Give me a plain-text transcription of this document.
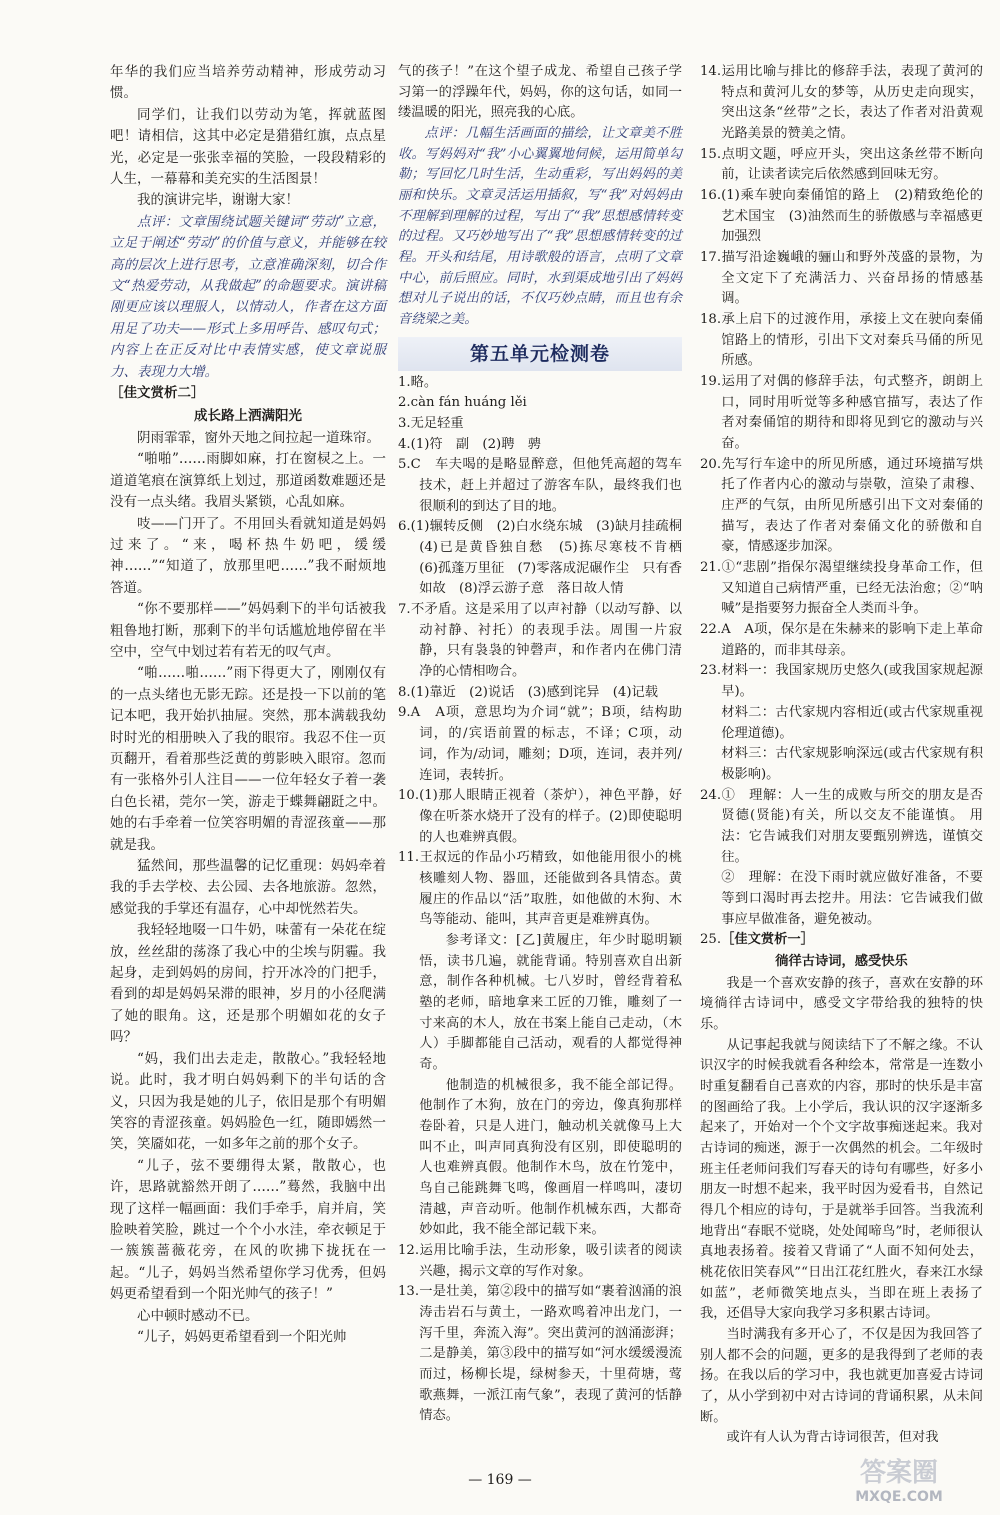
年华的我们应当培养劳动精神，形成劳动习惯。

同学们，让我们以劳动为笔，挥就蓝图吧！请相信，这其中必定是猎猎红旗，点点星光，必定是一张张幸福的笑脸，一段段精彩的人生，一幕幕和美充实的生活图景！

我的演讲完毕，谢谢大家！

点评：文章围绕试题关键词“劳动”立意，立足于阐述“劳动”的价值与意义，并能够在较高的层次上进行思考，立意准确深刻，切合作文“热爱劳动，从我做起”的命题要求。演讲稿刚更应该以理服人，以情动人，作者在这方面用足了功夫——形式上多用呼告、感叹句式；内容上在正反对比中表情实感，使文章说服力、表现力大增。

［佳文赏析二］

成长路上洒满阳光

阴雨霏霏，窗外天地之间拉起一道珠帘。

“啪啪”……雨脚如麻，打在窗棂之上。一道道笔痕在演算纸上划过，那道函数难题还是没有一点头绪。我眉头紧锁，心乱如麻。

吱——门开了。不用回头看就知道是妈妈过来了。“来，喝杯热牛奶吧，缓缓神……”“知道了，放那里吧……”我不耐烦地答道。

“你不要那样——”妈妈剩下的半句话被我粗鲁地打断，那剩下的半句话尴尬地停留在半空中，空气中划过若有若无的叹气声。

“啪……啪……”雨下得更大了，刚刚仅有的一点头绪也无影无踪。还是投一下以前的笔记本吧，我开始扒抽屉。突然，那本满载我幼时时光的相册映入了我的眼帘。我忍不住一页页翻开，看着那些泛黄的剪影映入眼帘。忽而有一张格外引人注目——一位年轻女子着一袭白色长裙，莞尔一笑，游走于蝶舞翩跹之中。她的右手牵着一位笑容明媚的青涩孩童——那就是我。

猛然间，那些温馨的记忆重现：妈妈牵着我的手去学校、去公园、去各地旅游。忽然，感觉我的手掌还有温存，心中却恍然若失。

我轻轻地啜一口牛奶，味蕾有一朵花在绽放，丝丝甜的荡涤了我心中的尘埃与阴霾。我起身，走到妈妈的房间，拧开冰冷的门把手，看到的却是妈妈呆滞的眼神，岁月的小径爬满了她的眼角。这，还是那个明媚如花的女子吗？

“妈，我们出去走走，散散心。”我轻轻地说。此时，我才明白妈妈剩下的半句话的含义，只因为我是她的儿子，依旧是那个有明媚笑容的青涩孩童。妈妈脸色一红，随即嫣然一笑，笑靥如花，一如多年之前的那个女子。

“儿子，弦不要绷得太紧，散散心，也许，思路就豁然开朗了……”蓦然，我脑中出现了这样一幅画面：我们手牵手，肩并肩，笑脸映着笑脸，跳过一个个小水洼，牵衣顿足于一簇簇蔷薇花旁，在风的吹拂下拢抚在一起。“儿子，妈妈当然希望你学习优秀，但妈妈更希望看到一个阳光帅气的孩子！”

心中顿时感动不已。

“儿子，妈妈更希望看到一个阳光帅

气的孩子！”在这个望子成龙、希望自己孩子学习第一的浮躁年代，妈妈，你的这句话，如同一缕温暖的阳光，照亮我的心底。

点评：几幅生活画面的描绘，让文章美不胜收。写妈妈对“我”小心翼翼地伺候，运用简单勾勒；写回忆几时生活，生动重彩，写出妈妈的美丽和快乐。文章灵活运用插叙，写“我”对妈妈由不理解到理解的过程，写出了“我”思想感情转变的过程。又巧妙地写出了“我”思想感情转变的过程。开头和结尾，用诗歌般的语言，点明了文章中心，前后照应。同时，水到渠成地引出了妈妈想对儿子说出的话，不仅巧妙点睛，而且也有余音绕梁之美。

第五单元检测卷

1.略。

2.càn fán huáng lěi

3.无足轻重

4.(1)符　副　(2)聘　骋

5.C　车夫喝的是略显醉意，但他凭高超的驾车技术，赶上并超过了游客车队，最终我们也很顺利的到达了目的地。

6.(1)辗转反侧　(2)白水绕东城　(3)缺月挂疏桐　(4)已是黄昏独自愁　(5)拣尽寒枝不肯栖　(6)孤蓬万里征　(7)零落成泥碾作尘　只有香如故　(8)浮云游子意　落日故人情

7.不矛盾。这是采用了以声衬静（以动写静、以动衬静、衬托）的表现手法。周围一片寂静，只有袅袅的钟磬声，和作者内在佛门清净的心情相吻合。

8.(1)靠近　(2)说话　(3)感到诧异　(4)记载

9.A　A项，意思均为介词“就”；B项，结构助词，的/宾语前置的标志，不译；C项，动词，作为/动词，雕刻；D项，连词，表并列/连词，表转折。

10.(1)那人眼睛正视着（茶炉），神色平静，好像在听茶水烧开了没有的样子。(2)即使聪明的人也难辨真假。

11.王叔远的作品小巧精致，如他能用很小的桃核雕刻人物、器皿，还能做到各具情态。黄履庄的作品以“活”取胜，如他做的木狗、木鸟等能动、能叫，其声音更是难辨真伪。

参考译文：[乙]黄履庄，年少时聪明颖悟，读书几遍，就能背诵。特别喜欢自出新意，制作各种机械。七八岁时，曾经背着私塾的老师，暗地拿来工匠的刀锥，雕刻了一寸来高的木人，放在书案上能自己走动，（木人）手脚都能自己活动，观看的人都觉得神奇。

他制造的机械很多，我不能全部记得。他制作了木狗，放在门的旁边，像真狗那样卷卧着，只是人进门，触动机关就像马上大叫不止，叫声同真狗没有区别，即使聪明的人也难辨真假。他制作木鸟，放在竹笼中，鸟自己能跳舞飞鸣，像画眉一样鸣叫，凄切清越，声音动听。他制作机械东西，大都奇妙如此，我不能全部记载下来。

12.运用比喻手法，生动形象，吸引读者的阅读兴趣，揭示文章的写作对象。

13.一是壮美，第②段中的描写如“裹着汹涌的浪涛击岩石与黄土，一路欢鸣着冲出龙门，一泻千里，奔流入海”。突出黄河的汹涌澎湃；二是静美，第③段中的描写如“河水缓缓漫流而过，杨柳长堤，绿树参天，十里荷塘，莺歌燕舞，一派江南气象”，表现了黄河的恬静情态。

14.运用比喻与排比的修辞手法，表现了黄河的特点和黄河儿女的梦等，从历史走向现实，突出这条“丝带”之长，表达了作者对沿黄观光路美景的赞美之情。

15.点明文题，呼应开头，突出这条丝带不断向前，让读者读完后依然感到回味无穷。

16.(1)乘车驶向秦俑馆的路上　(2)精致绝伦的艺术国宝　(3)油然而生的骄傲感与幸福感更加强烈

17.描写沿途巍峨的骊山和野外茂盛的景物，为全文定下了充满活力、兴奋昂扬的情感基调。

18.承上启下的过渡作用，承接上文在驶向秦俑馆路上的情形，引出下文对秦兵马俑的所见所感。

19.运用了对偶的修辞手法，句式整齐，朗朗上口，同时用听觉等多种感官描写，表达了作者对秦俑馆的期待和即将见到它的激动与兴奋。

20.先写行车途中的所见所感，通过环境描写烘托了作者内心的激动与崇敬，渲染了肃穆、庄严的气氛，由所见所感引出下文对秦俑的描写，表达了作者对秦俑文化的骄傲和自豪，情感逐步加深。

21.①“悲剧”指保尔渴望继续投身革命工作，但又知道自己病情严重，已经无法治愈；②“呐喊”是指要努力振奋全人类而斗争。

22.A　A项，保尔是在朱赫来的影响下走上革命道路的，而非其母亲。

23.材料一：我国家规历史悠久(或我国家规起源早)。

材料二：古代家规内容相近(或古代家规重视伦理道德)。

材料三：古代家规影响深远(或古代家规有积极影响)。

24.①　理解：人一生的成败与所交的朋友是否贤德(贤能)有关，所以交友不能谨慎。 用法：它告诫我们对朋友要甄别辨选，谨慎交往。

②　理解：在没下雨时就应做好准备，不要等到口渴时再去挖井。用法：它告诫我们做事应早做准备，避免被动。

25.［佳文赏析一］

徜徉古诗词，感受快乐

我是一个喜欢安静的孩子，喜欢在安静的环境徜徉古诗词中，感受文字带给我的独特的快乐。

从记事起我就与阅读结下了不解之缘。不认识汉字的时候我就看各种绘本，常常是一连数小时重复翻看自己喜欢的内容，那时的快乐是丰富的图画给了我。上小学后，我认识的汉字逐渐多起来了，开始对一个个文字故事痴迷起来。我对古诗词的痴迷，源于一次偶然的机会。二年级时班主任老师问我们写春天的诗句有哪些，好多小朋友一时想不起来，我平时因为爱看书，自然记得几个相应的诗句，于是就举手回答。当我流利地背出“春眠不觉晓，处处闻啼鸟”时，老师很认真地表扬着。接着又背诵了“人面不知何处去，桃花依旧笑春风”“日出江花红胜火，春来江水绿如蓝”，老师微笑地点头，当即在班上表扬了我，还倡导大家向我学习多积累古诗词。

当时满我有多开心了，不仅是因为我回答了别人都不会的问题，更多的是我得到了老师的表扬。在我以后的学习中，我也就更加喜爱古诗词了，从小学到初中对古诗词的背诵积累，从未间断。

或许有人认为背古诗词很苦，但对我

— 169 —	答案圈
MXQE.COM
